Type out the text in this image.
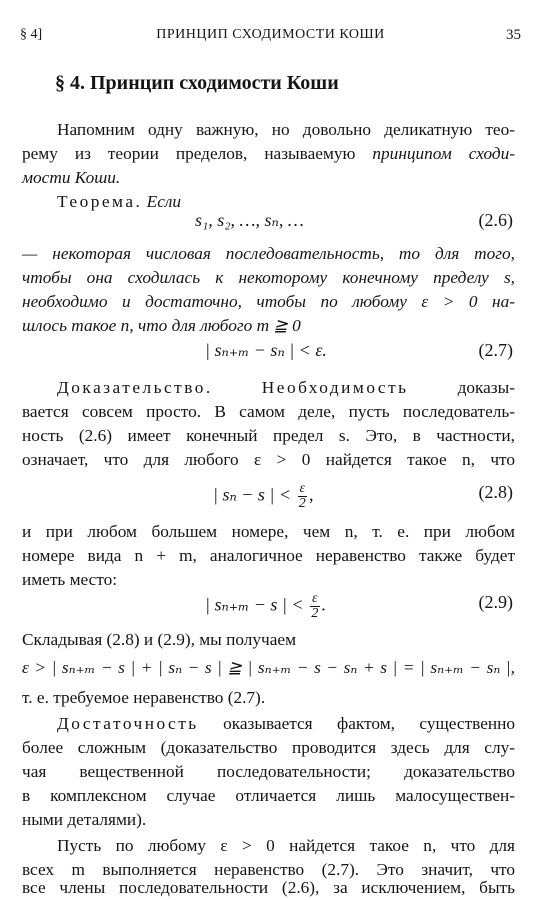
§ 4]	ПРИНЦИП СХОДИМОСТИ КОШИ	35
§ 4. Принцип сходимости Коши
Напомним одну важную, но довольно деликатную тео-
рему из теории пределов, называемую принципом сходи-
мости Коши.
Теорема. Если
s₁, s₂, …, sₙ, …	(2.6)
— некоторая числовая последовательность, то для того,
чтобы она сходилась к некоторому конечному пределу s,
необходимо и достаточно, чтобы по любому ε > 0 на-
шлось такое n, что для любого m ≧ 0
| sₙ₊ₘ − sₙ | < ε.	(2.7)
Доказательство.	Необходимость	доказы-
вается совсем просто. В самом деле, пусть последователь-
ность (2.6) имеет конечный предел s. Это, в частности,
означает, что для любого ε > 0 найдется такое n, что
| sₙ − s | < $\frac{\varepsilon}{2}$ ,	(2.8)
и при любом большем номере, чем n, т. е. при любом
номере вида n + m, аналогичное неравенство также будет
иметь место:
| sₙ₊ₘ − s | < $\frac{\varepsilon}{2}$ .	(2.9)
Складывая (2.8) и (2.9), мы получаем
ε > | sₙ₊ₘ − s | + | sₙ − s | ≧ | sₙ₊ₘ − s − sₙ + s | = | sₙ₊ₘ − sₙ |,
т. е. требуемое неравенство (2.7).
Достаточность оказывается фактом, существенно
более сложным (доказательство проводится здесь для слу-
чая вещественной последовательности; доказательство
в комплексном случае отличается лишь малосуществен-
ными деталями).
Пусть по любому ε > 0 найдется такое n, что для
всех m выполняется неравенство (2.7). Это значит, что
все члены последовательности (2.6), за исключением, быть
